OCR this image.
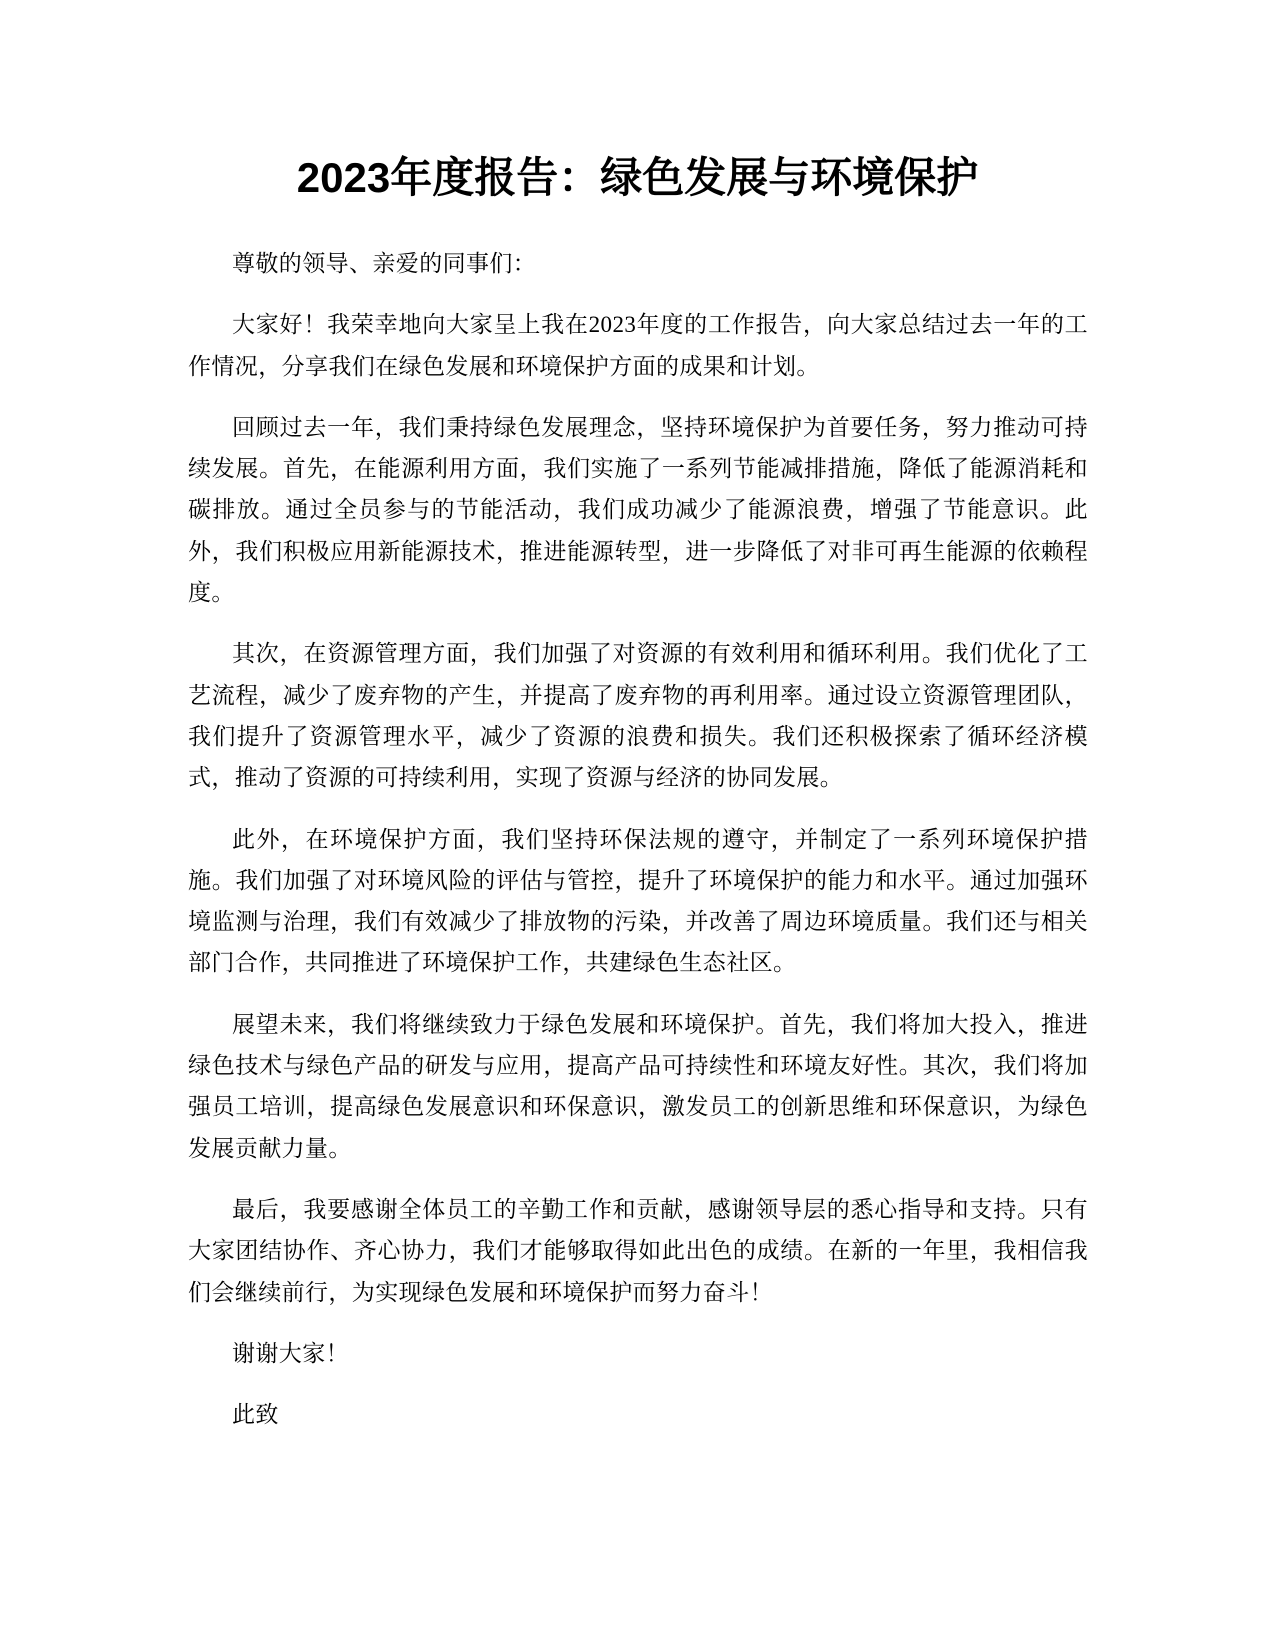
2023年度报告：绿色发展与环境保护

尊敬的领导、亲爱的同事们：

大家好！我荣幸地向大家呈上我在2023年度的工作报告，向大家总结过去一年的工作情况，分享我们在绿色发展和环境保护方面的成果和计划。

回顾过去一年，我们秉持绿色发展理念，坚持环境保护为首要任务，努力推动可持续发展。首先，在能源利用方面，我们实施了一系列节能减排措施，降低了能源消耗和碳排放。通过全员参与的节能活动，我们成功减少了能源浪费，增强了节能意识。此外，我们积极应用新能源技术，推进能源转型，进一步降低了对非可再生能源的依赖程度。

其次，在资源管理方面，我们加强了对资源的有效利用和循环利用。我们优化了工艺流程，减少了废弃物的产生，并提高了废弃物的再利用率。通过设立资源管理团队，我们提升了资源管理水平，减少了资源的浪费和损失。我们还积极探索了循环经济模式，推动了资源的可持续利用，实现了资源与经济的协同发展。

此外，在环境保护方面，我们坚持环保法规的遵守，并制定了一系列环境保护措施。我们加强了对环境风险的评估与管控，提升了环境保护的能力和水平。通过加强环境监测与治理，我们有效减少了排放物的污染，并改善了周边环境质量。我们还与相关部门合作，共同推进了环境保护工作，共建绿色生态社区。

展望未来，我们将继续致力于绿色发展和环境保护。首先，我们将加大投入，推进绿色技术与绿色产品的研发与应用，提高产品可持续性和环境友好性。其次，我们将加强员工培训，提高绿色发展意识和环保意识，激发员工的创新思维和环保意识，为绿色发展贡献力量。

最后，我要感谢全体员工的辛勤工作和贡献，感谢领导层的悉心指导和支持。只有大家团结协作、齐心协力，我们才能够取得如此出色的成绩。在新的一年里，我相信我们会继续前行，为实现绿色发展和环境保护而努力奋斗！

谢谢大家！

此致
